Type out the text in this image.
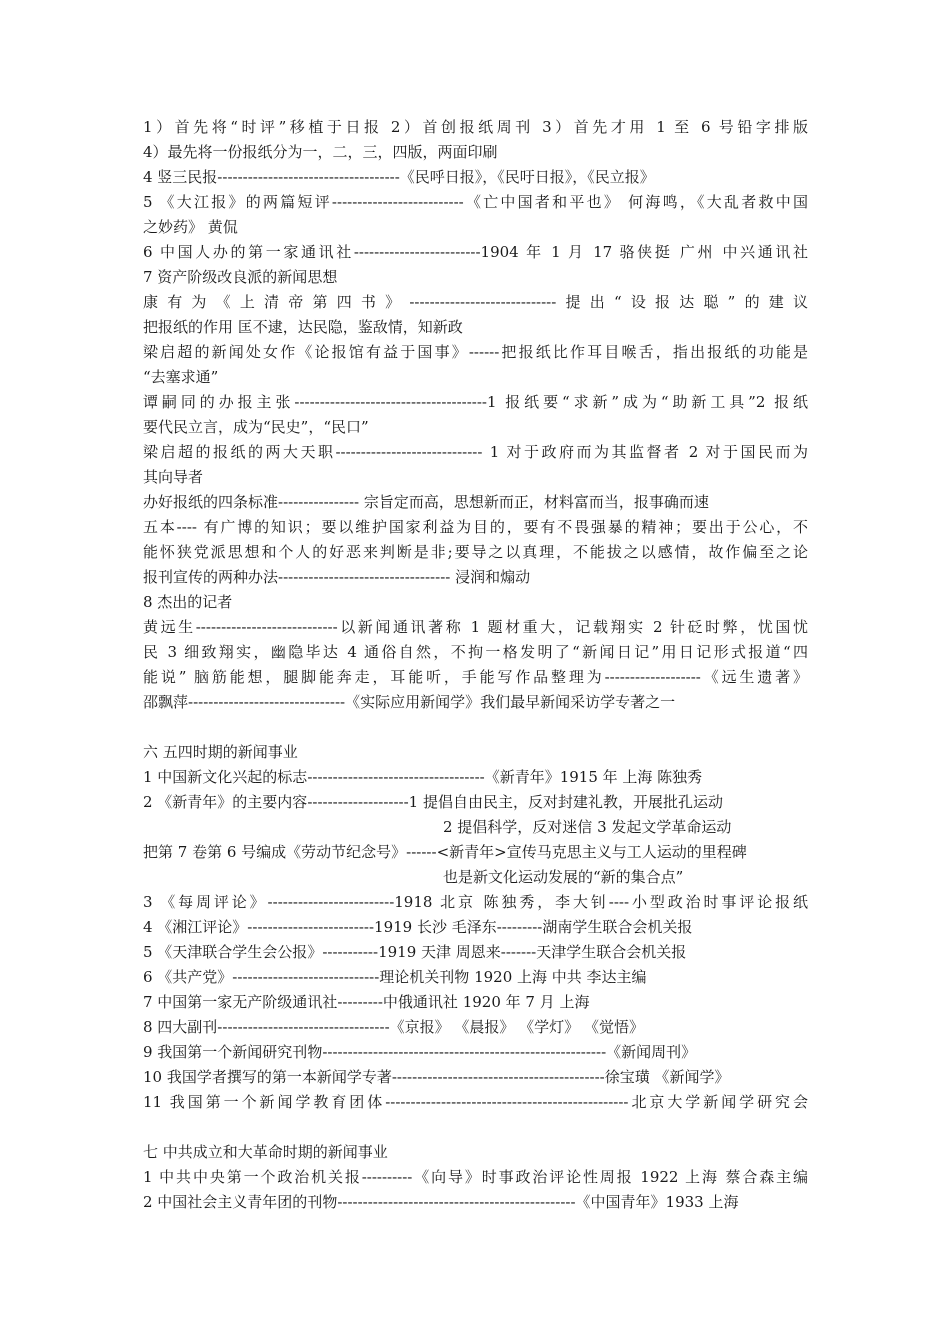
1）首先将“时评”移植于日报 2）首创报纸周刊 3）首先才用 1 至 6 号铅字排版
4）最先将一份报纸分为一，二，三，四版，两面印刷
4 竖三民报------------------------------------《民呼日报》，《民吁日报》，《民立报》
5 《大江报》的两篇短评--------------------------《亡中国者和平也》 何海鸣，《大乱者救中国
之妙药》 黄侃
6 中国人办的第一家通讯社-------------------------1904 年 1 月 17 骆侠挺 广州 中兴通讯社
7 资产阶级改良派的新闻思想
康有为《上清帝第四书》-----------------------------提出“设报达聪”的建议
把报纸的作用 匡不逮，达民隐，鉴敌情，知新政
梁启超的新闻处女作《论报馆有益于国事》------把报纸比作耳目喉舌，指出报纸的功能是
“去塞求通”
谭嗣同的办报主张--------------------------------------1 报纸要“求新”成为“助新工具”2 报纸
要代民立言，成为“民史”，“民口”
梁启超的报纸的两大天职----------------------------- 1 对于政府而为其监督者 2 对于国民而为
其向导者
办好报纸的四条标准---------------- 宗旨定而高，思想新而正，材料富而当，报事确而速
五本---- 有广博的知识；要以维护国家利益为目的，要有不畏强暴的精神；要出于公心，不
能怀狭党派思想和个人的好恶来判断是非;要导之以真理，不能拔之以感情，故作偏至之论
报刊宣传的两种办法---------------------------------- 浸润和煽动
8 杰出的记者
黄远生----------------------------以新闻通讯著称 1 题材重大，记载翔实 2 针砭时弊，忧国忧
民 3 细致翔实，幽隐毕达 4 通俗自然，不拘一格发明了“新闻日记”用日记形式报道“四
能说” 脑筋能想，腿脚能奔走，耳能听，手能写作品整理为-------------------《远生遗著》
邵飘萍-------------------------------《实际应用新闻学》我们最早新闻采访学专著之一
六 五四时期的新闻事业
1 中国新文化兴起的标志-----------------------------------《新青年》1915 年 上海 陈独秀
2 《新青年》的主要内容--------------------1 提倡自由民主，反对封建礼教，开展批孔运动
2 提倡科学，反对迷信 3 发起文学革命运动
把第 7 卷第 6 号编成《劳动节纪念号》------<新青年>宣传马克思主义与工人运动的里程碑
也是新文化运动发展的“新的集合点”
3 《每周评论》-------------------------1918 北京 陈独秀，李大钊----小型政治时事评论报纸
4 《湘江评论》-------------------------1919 长沙 毛泽东---------湖南学生联合会机关报
5 《天津联合学生会公报》-----------1919 天津 周恩来-------天津学生联合会机关报
6 《共产党》-----------------------------理论机关刊物 1920 上海 中共 李达主编
7 中国第一家无产阶级通讯社---------中俄通讯社 1920 年 7 月 上海
8 四大副刊----------------------------------《京报》 《晨报》 《学灯》 《觉悟》
9 我国第一个新闻研究刊物--------------------------------------------------------《新闻周刊》
10 我国学者撰写的第一本新闻学专著------------------------------------------徐宝璜 《新闻学》
11 我国第一个新闻学教育团体------------------------------------------------北京大学新闻学研究会
七 中共成立和大革命时期的新闻事业
1 中共中央第一个政治机关报----------《向导》时事政治评论性周报 1922 上海 蔡合森主编
2 中国社会主义青年团的刊物-----------------------------------------------《中国青年》1933 上海
